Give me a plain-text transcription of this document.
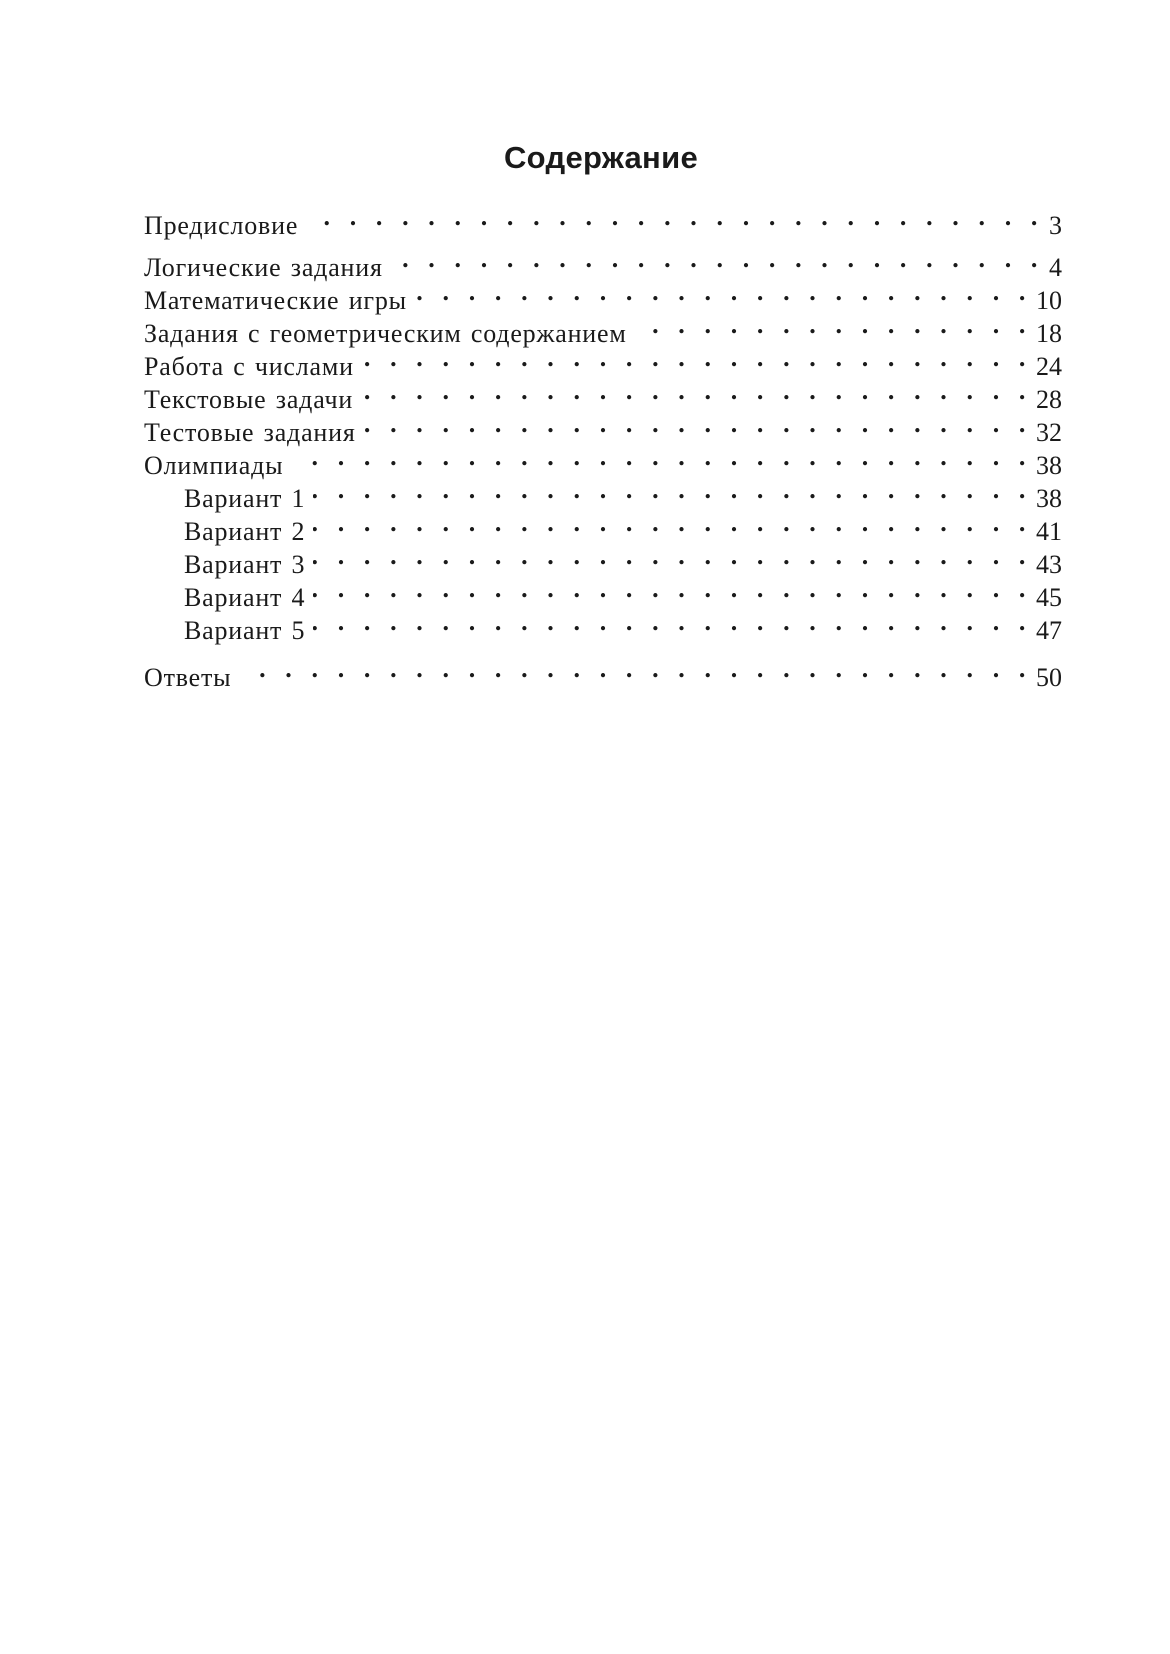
Содержание
Предисловие . . .	3
Логические задания . . .	4
Математические игры . . .	10
Задания с геометрическим содержанием . . .	18
Работа с числами . . .	24
Текстовые задачи . . .	28
Тестовые задания . . .	32
Олимпиады . . .	38
Вариант 1 . . .	38
Вариант 2 . . .	41
Вариант 3 . . .	43
Вариант 4 . . .	45
Вариант 5 . . .	47
Ответы . . .	50
